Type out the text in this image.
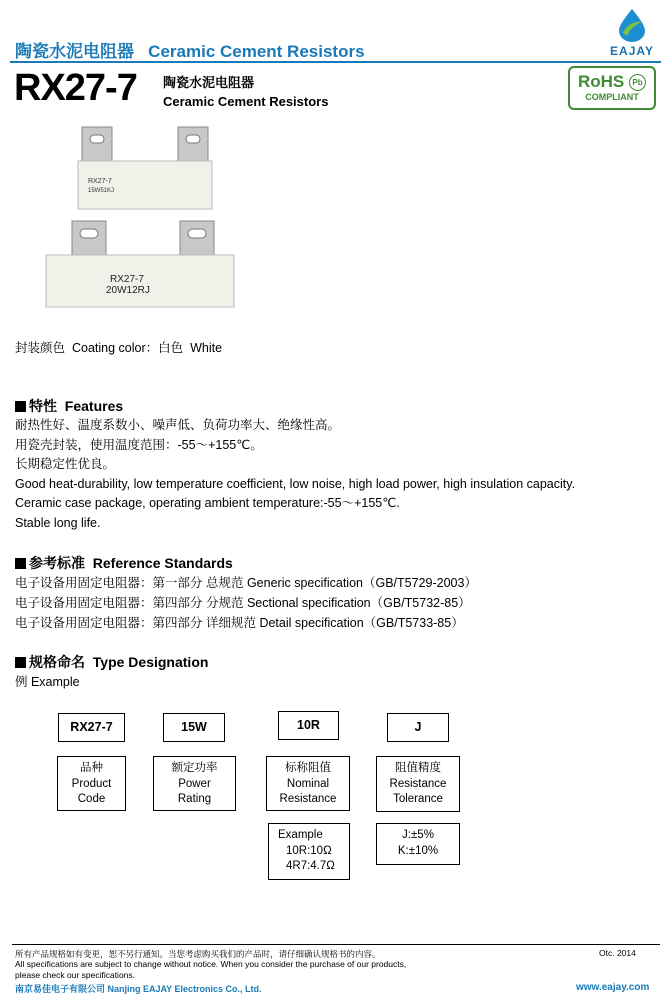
陶瓷水泥电阻器 Ceramic Cement Resistors	EAJAY
RX27-7 陶瓷水泥电阻器
Ceramic Cement Resistors
RoHS Pb
COMPLIANT
RX27-7
15W51KJ
RX27-7
20W12RJ
封装颜色 Coating color：白色 White
特性 Features
耐热性好、温度系数小、噪声低、负荷功率大、绝缘性高。
用瓷壳封装，使用温度范围：-55～+155℃。
长期稳定性优良。
Good heat-durability, low temperature coefficient, low noise, high load power, high insulation capacity.
Ceramic case package, operating ambient temperature:-55～+155℃.
Stable long life.
参考标准 Reference Standards
电子设备用固定电阻器：第一部分 总规范 Generic specification（GB/T5729-2003）
电子设备用固定电阻器：第四部分 分规范 Sectional specification（GB/T5732-85）
电子设备用固定电阻器：第四部分 详细规范 Detail specification（GB/T5733-85）
规格命名 Type Designation
例 Example
RX27-7	15W	10R	J
品种
Product
Code
额定功率
Power
Rating
标称阻值
Nominal
Resistance
阻值精度
Resistance
Tolerance
Example
10R:10Ω
4R7:4.7Ω
J:±5%
K:±10%
所有产品规格如有变更，恕不另行通知。当您考虑购买我们的产品时，请仔细确认规格书的内容。
All specifications are subject to change without notice. When you consider the purchase of our products,
please check our specifications.
南京易佳电子有限公司 Nanjing EAJAY Electronics Co., Ltd.
Otc. 2014
www.eajay.com
